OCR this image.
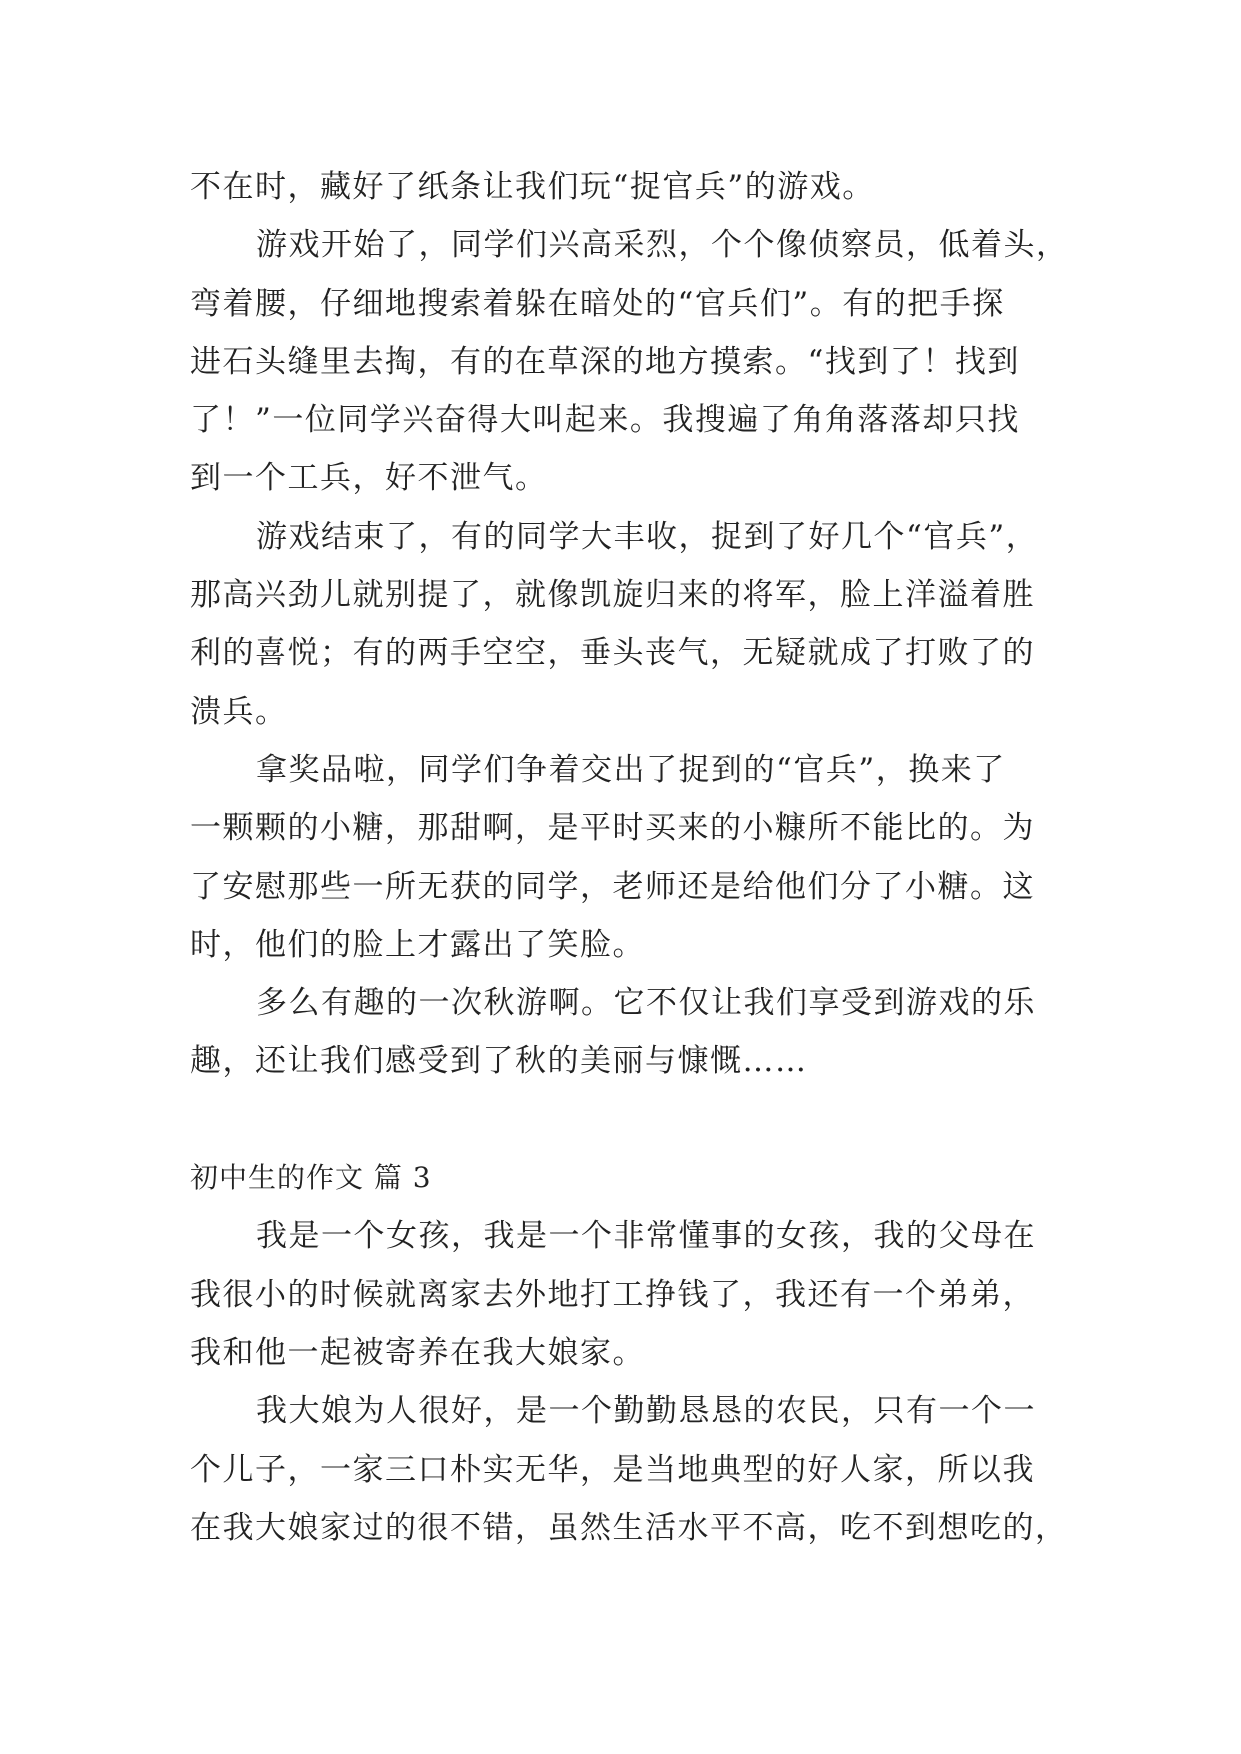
不在时，藏好了纸条让我们玩“捉官兵”的游戏。
游戏开始了，同学们兴高采烈，个个像侦察员，低着头，
弯着腰，仔细地搜索着躲在暗处的“官兵们”。有的把手探
进石头缝里去掏，有的在草深的地方摸索。“找到了！找到
了！”一位同学兴奋得大叫起来。我搜遍了角角落落却只找
到一个工兵，好不泄气。
游戏结束了，有的同学大丰收，捉到了好几个“官兵”，
那高兴劲儿就别提了，就像凯旋归来的将军，脸上洋溢着胜
利的喜悦；有的两手空空，垂头丧气，无疑就成了打败了的
溃兵。
拿奖品啦，同学们争着交出了捉到的“官兵”，换来了
一颗颗的小糖，那甜啊，是平时买来的小糠所不能比的。为
了安慰那些一所无获的同学，老师还是给他们分了小糖。这
时，他们的脸上才露出了笑脸。
多么有趣的一次秋游啊。它不仅让我们享受到游戏的乐
趣，还让我们感受到了秋的美丽与慷慨……
初中生的作文 篇 3
我是一个女孩，我是一个非常懂事的女孩，我的父母在
我很小的时候就离家去外地打工挣钱了，我还有一个弟弟，
我和他一起被寄养在我大娘家。
我大娘为人很好，是一个勤勤恳恳的农民，只有一个一
个儿子，一家三口朴实无华，是当地典型的好人家，所以我
在我大娘家过的很不错，虽然生活水平不高，吃不到想吃的，
